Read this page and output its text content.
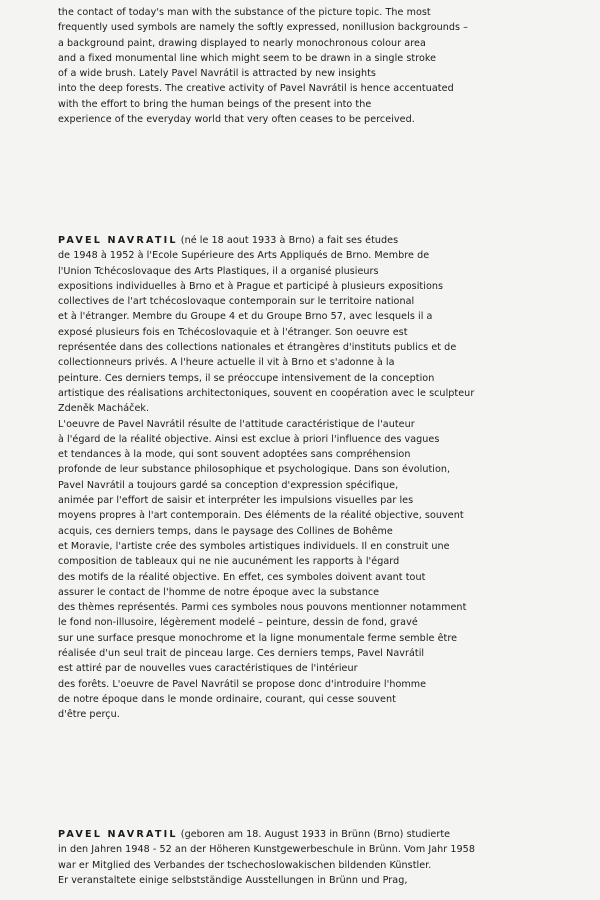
the contact of today's man with the substance of the picture topic. The most
frequently used symbols are namely the softly expressed, nonillusion backgrounds –
a background paint, drawing displayed to nearly monochronous colour area
and a fixed monumental line which might seem to be drawn in a single stroke
of a wide brush. Lately Pavel Navrátil is attracted by new insights
into the deep forests. The creative activity of Pavel Navrátil is hence accentuated
with the effort to bring the human beings of the present into the
experience of the everyday world that very often ceases to be perceived.
PAVEL NAVRATIL (né le 18 aout 1933 à Brno) a fait ses études
de 1948 à 1952 à l'Ecole Supérieure des Arts Appliqués de Brno. Membre de
l'Union Tchécoslovaque des Arts Plastiques, il a organisé plusieurs
expositions individuelles à Brno et à Prague et participé à plusieurs expositions
collectives de l'art tchécoslovaque contemporain sur le territoire national
et à l'étranger. Membre du Groupe 4 et du Groupe Brno 57, avec lesquels il a
exposé plusieurs fois en Tchécoslovaquie et à l'étranger. Son oeuvre est
représentée dans des collections nationales et étrangères d'instituts publics et de
collectionneurs privés. A l'heure actuelle il vit à Brno et s'adonne à la
peinture. Ces derniers temps, il se préoccupe intensivement de la conception
artistique des réalisations architectoniques, souvent en coopération avec le sculpteur
Zdeněk Macháček.
L'oeuvre de Pavel Navrátil résulte de l'attitude caractéristique de l'auteur
à l'égard de la réalité objective. Ainsi est exclue à priori l'influence des vagues
et tendances à la mode, qui sont souvent adoptées sans compréhension
profonde de leur substance philosophique et psychologique. Dans son évolution,
Pavel Navrátil a toujours gardé sa conception d'expression spécifique,
animée par l'effort de saisir et interpréter les impulsions visuelles par les
moyens propres à l'art contemporain. Des éléments de la réalité objective, souvent
acquis, ces derniers temps, dans le paysage des Collines de Bohême
et Moravie, l'artiste crée des symboles artistiques individuels. Il en construit une
composition de tableaux qui ne nie aucunément les rapports à l'égard
des motifs de la réalité objective. En effet, ces symboles doivent avant tout
assurer le contact de l'homme de notre époque avec la substance
des thèmes représentés. Parmi ces symboles nous pouvons mentionner notamment
le fond non-illusoire, légèrement modelé – peinture, dessin de fond, gravé
sur une surface presque monochrome et la ligne monumentale ferme semble être
réalisée d'un seul trait de pinceau large. Ces derniers temps, Pavel Navrátil
est attiré par de nouvelles vues caractéristiques de l'intérieur
des forêts. L'oeuvre de Pavel Navrátil se propose donc d'introduire l'homme
de notre époque dans le monde ordinaire, courant, qui cesse souvent
d'être perçu.
PAVEL NAVRATIL (geboren am 18. August 1933 in Brünn (Brno) studierte
in den Jahren 1948 - 52 an der Höheren Kunstgewerbeschule in Brünn. Vom Jahr 1958
war er Mitglied des Verbandes der tschechoslowakischen bildenden Künstler.
Er veranstaltete einige selbstständige Ausstellungen in Brünn und Prag,
